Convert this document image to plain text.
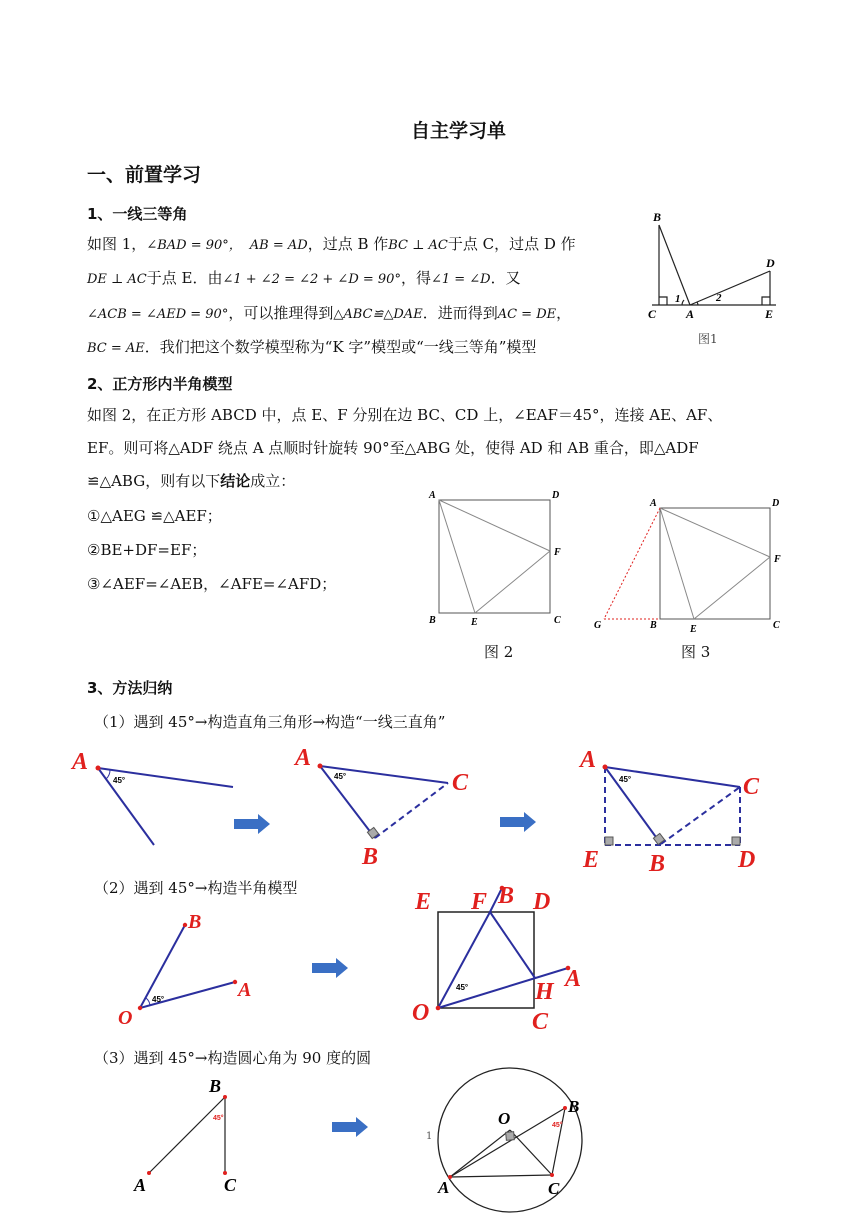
自主学习单
一、前置学习
1、一线三等角
如图 1，∠BAD = 90°， AB = AD，过点 B 作BC ⊥ AC于点 C，过点 D 作
DE ⊥ AC于点 E．由∠1 + ∠2 = ∠2 + ∠D = 90°，得∠1 = ∠D．又
∠ACB = ∠AED = 90°，可以推理得到△ABC≌△DAE．进而得到AC = DE，
BC = AE．我们把这个数学模型称为“K 字”模型或“一线三等角”模型
B
D
C A	E
1	2
图1
2、正方形内半角模型
如图 2，在正方形 ABCD 中，点 E、F 分别在边 BC、CD 上，∠EAF＝45°，连接 AE、AF、
EF。则可将△ADF 绕点 A 点顺时针旋转 90°至△ABG 处，使得 AD 和 AB 重合，即△ADF
≌△ABG，则有以下结论成立：
①△AEG ≌△AEF；
②BE+DF=EF；
③∠AEF=∠AEB，∠AFE=∠AFD；
A	D
B	E	C
F
图 2
A	D
G	B	E	C
F
图 3
3、方法归纳
（1）遇到 45°→构造直角三角形→构造“一线三直角”
A
45°
A
C
B
45°
A
C
E B	D
45°
（2）遇到 45°→构造半角模型
B
A
O
45°
E F B D
O
H A
C
45°
（3）遇到 45°→构造圆心角为 90 度的圆
B
A	C
45°	O
B
A	C
45°
1
